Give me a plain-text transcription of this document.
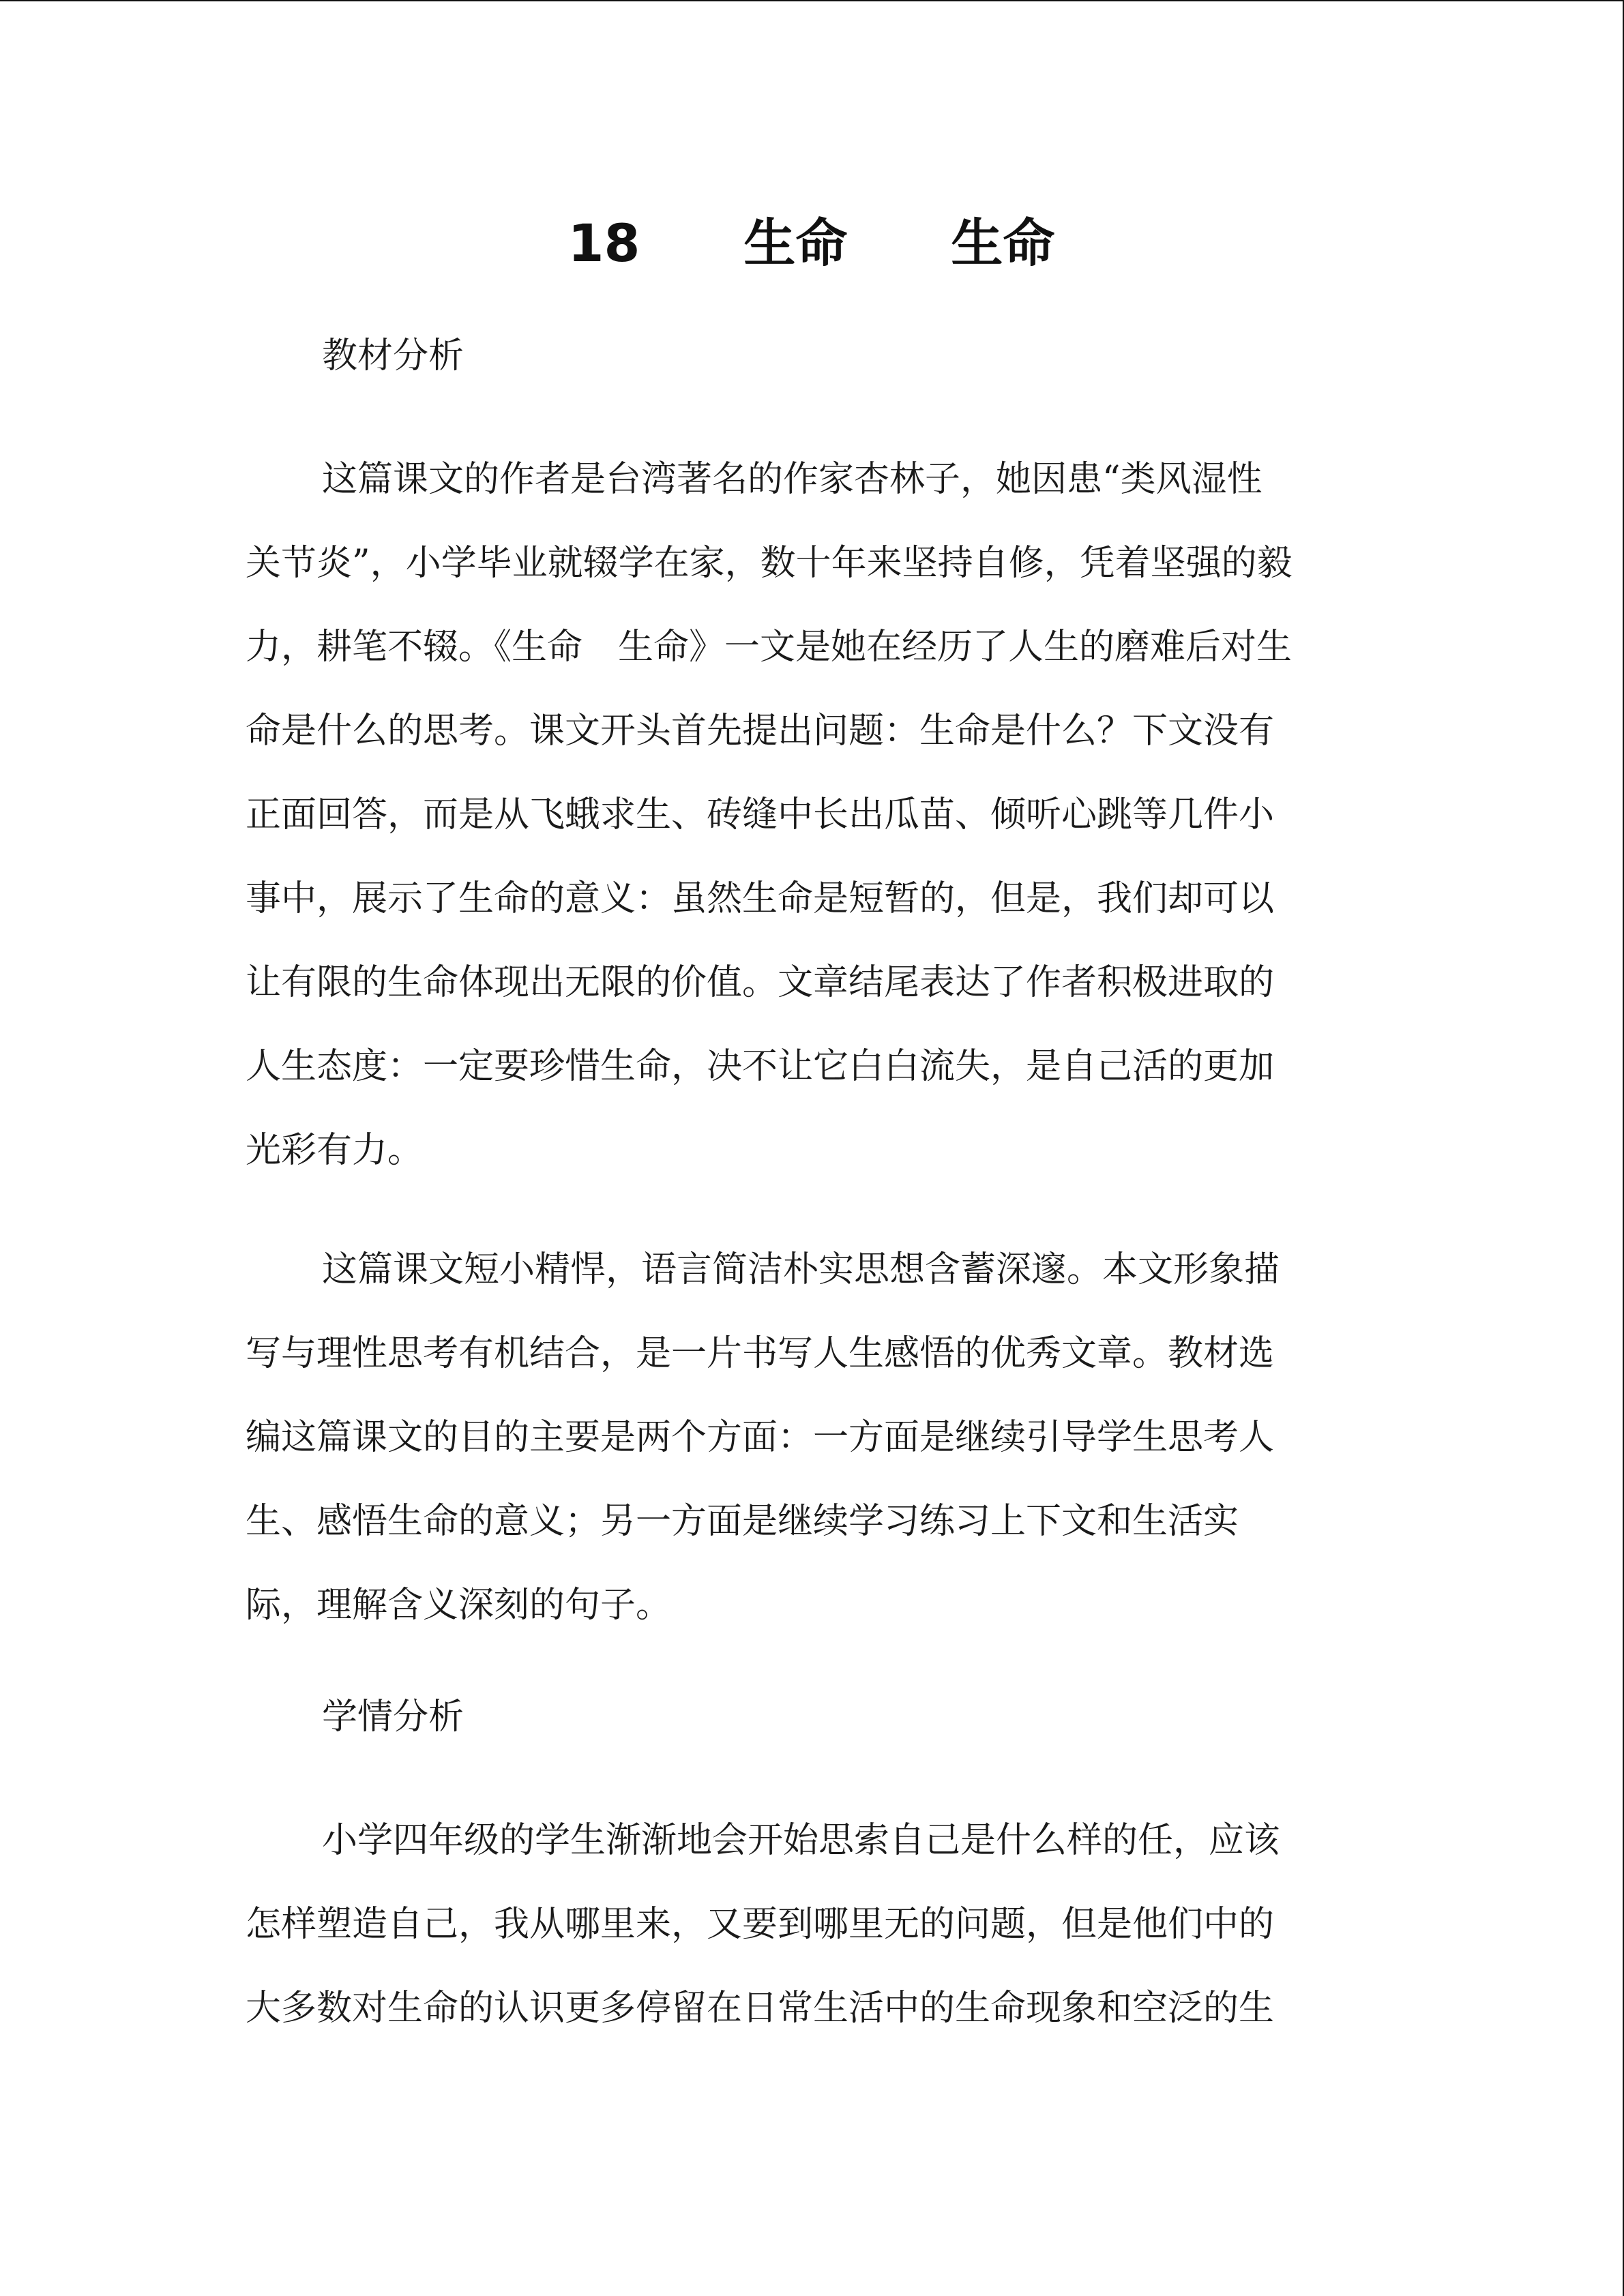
18　　生命　　生命
教材分析
这篇课文的作者是台湾著名的作家杏林子，她因患“类风湿性
关节炎”，小学毕业就辍学在家，数十年来坚持自修，凭着坚强的毅
力，耕笔不辍。《生命　生命》一文是她在经历了人生的磨难后对生
命是什么的思考。课文开头首先提出问题：生命是什么？下文没有
正面回答，而是从飞蛾求生、砖缝中长出瓜苗、倾听心跳等几件小
事中，展示了生命的意义：虽然生命是短暂的，但是，我们却可以
让有限的生命体现出无限的价值。文章结尾表达了作者积极进取的
人生态度：一定要珍惜生命，决不让它白白流失，是自己活的更加
光彩有力。
这篇课文短小精悍，语言简洁朴实思想含蓄深邃。本文形象描
写与理性思考有机结合，是一片书写人生感悟的优秀文章。教材选
编这篇课文的目的主要是两个方面：一方面是继续引导学生思考人
生、感悟生命的意义；另一方面是继续学习练习上下文和生活实
际，理解含义深刻的句子。
学情分析
小学四年级的学生渐渐地会开始思索自己是什么样的任，应该
怎样塑造自己，我从哪里来，又要到哪里无的问题，但是他们中的
大多数对生命的认识更多停留在日常生活中的生命现象和空泛的生
